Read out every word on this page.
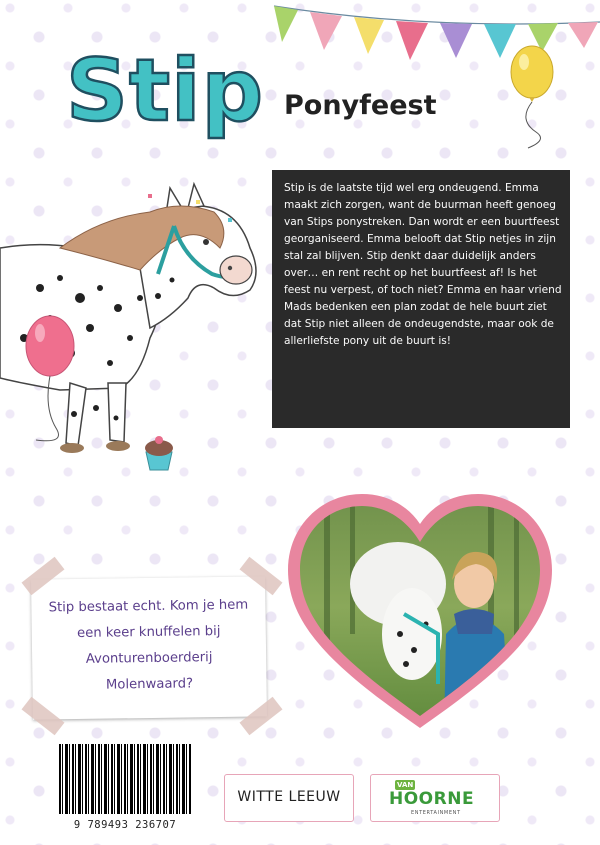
Stip Ponyfeest

Stip is de laatste tijd wel erg ondeugend. Emma maakt zich zorgen, want de buurman heeft genoeg van Stips ponystreken. Dan wordt er een buurtfeest georganiseerd. Emma belooft dat Stip netjes in zijn stal zal blijven. Stip denkt daar duidelijk anders over… en rent recht op het buurtfeest af! Is het feest nu verpest, of toch niet? Emma en haar vriend Mads bedenken een plan zodat de hele buurt ziet dat Stip niet alleen de ondeugendste, maar ook de allerliefste pony uit de buurt is!

Stip bestaat echt. Kom je hem een keer knuffelen bij Avonturenboerderij Molenwaard?

9 789493 236707
WITTE LEEUW
VAN
HOORNE
ENTERTAINMENT
